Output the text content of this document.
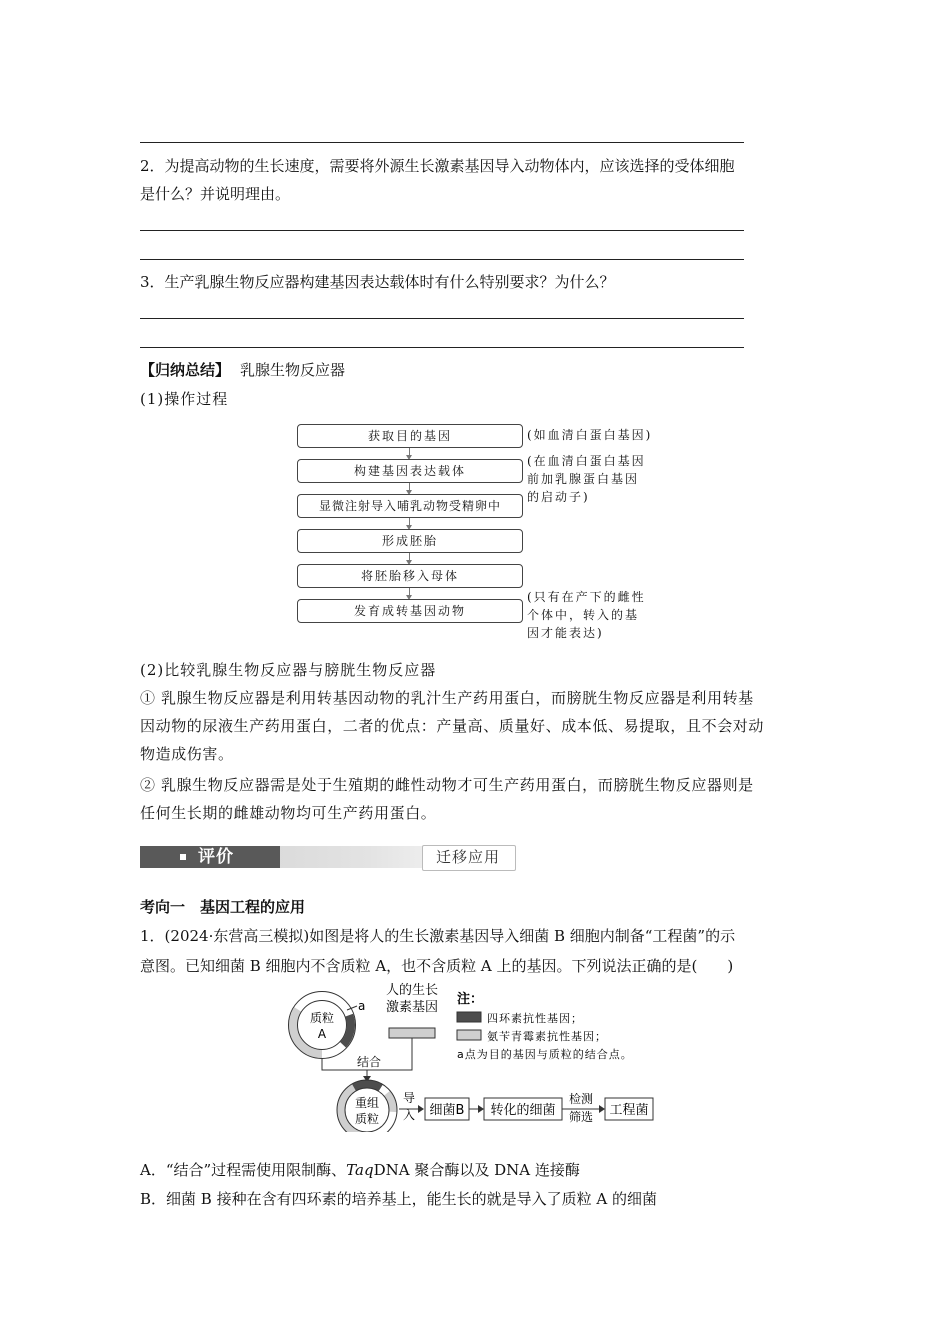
2．为提高动物的生长速度，需要将外源生长激素基因导入动物体内，应该选择的受体细胞
是什么？并说明理由。
3．生产乳腺生物反应器构建基因表达载体时有什么特别要求？为什么？
【归纳总结】 乳腺生物反应器
(1)操作过程
获取目的基因
构建基因表达载体
显微注射导入哺乳动物受精卵中
形成胚胎
将胚胎移入母体
发育成转基因动物
(如血清白蛋白基因)
(在血清白蛋白基因
前加乳腺蛋白基因
的启动子)
(只有在产下的雌性
个体中，转入的基
因才能表达)
(2)比较乳腺生物反应器与膀胱生物反应器
① 乳腺生物反应器是利用转基因动物的乳汁生产药用蛋白，而膀胱生物反应器是利用转基
因动物的尿液生产药用蛋白，二者的优点：产量高、质量好、成本低、易提取，且不会对动
物造成伤害。
② 乳腺生物反应器需是处于生殖期的雌性动物才可生产药用蛋白，而膀胱生物反应器则是
任何生长期的雌雄动物均可生产药用蛋白。
评价	迁移应用
考向一　基因工程的应用
1．(2024·东营高三模拟)如图是将人的生长激素基因导入细菌 B 细胞内制备“工程菌”的示
意图。已知细菌 B 细胞内不含质粒 A，也不含质粒 A 上的基因。下列说法正确的是(　　)
质粒
A
a
人的生长
激素基因
结合
重组
质粒
导
入 细菌B 转化的细菌
检测
筛选 工程菌
注：
四环素抗性基因；
氨苄青霉素抗性基因；
a点为目的基因与质粒的结合点。
A．“结合”过程需使用限制酶、TaqDNA 聚合酶以及 DNA 连接酶
B．细菌 B 接种在含有四环素的培养基上，能生长的就是导入了质粒 A 的细菌
